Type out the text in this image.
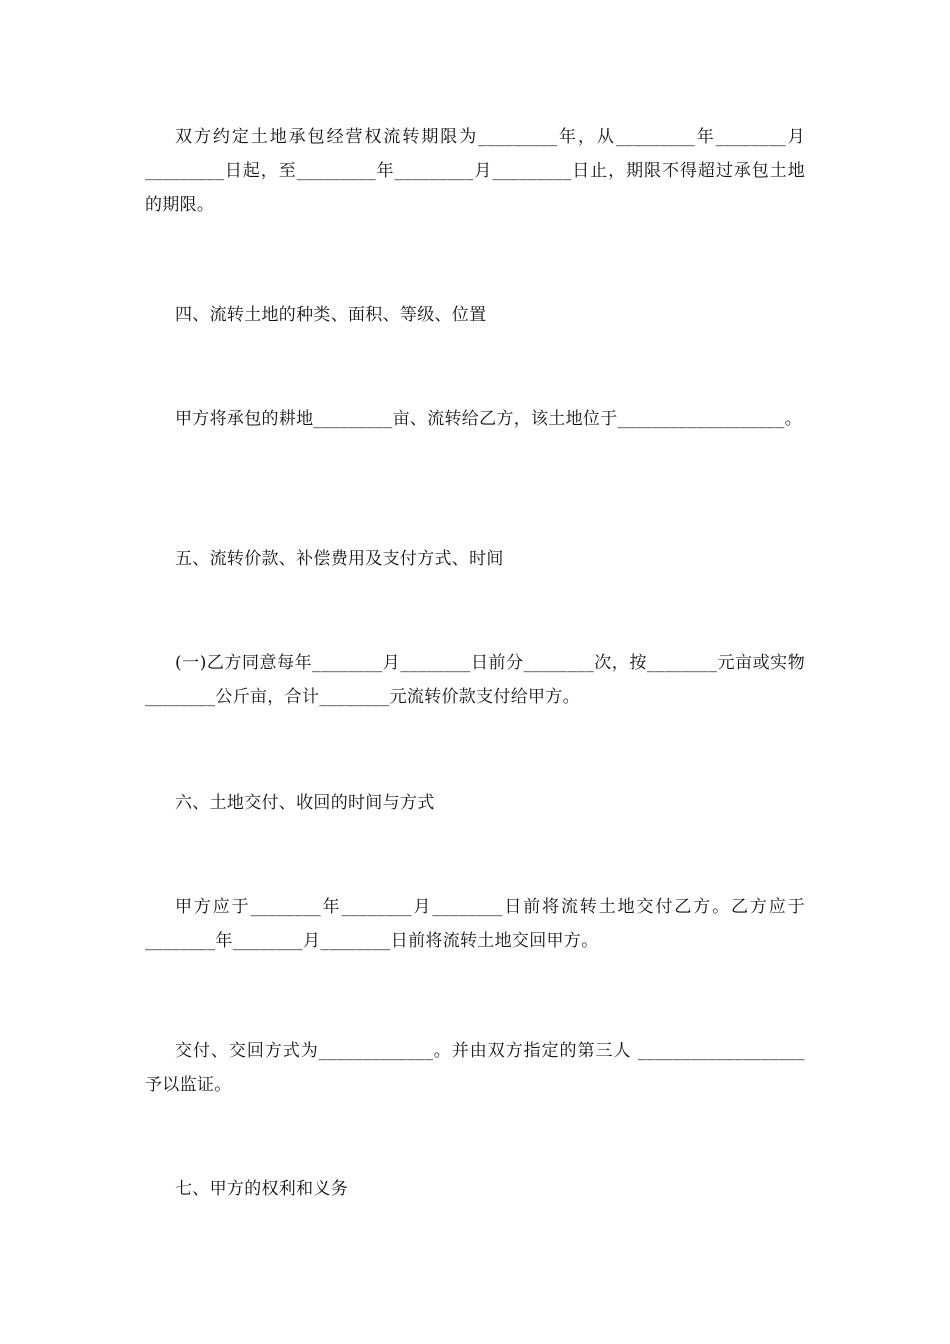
双方约定土地承包经营权流转期限为_________年，从_________年________月_________日起，至_________年_________月_________日止，期限不得超过承包土地的期限。

四、流转土地的种类、面积、等级、位置

甲方将承包的耕地_________亩、流转给乙方，该土地位于___________________。

五、流转价款、补偿费用及支付方式、时间

(一)乙方同意每年________月________日前分________次，按________元亩或实物________公斤亩，合计________元流转价款支付给甲方。

六、土地交付、收回的时间与方式

甲方应于________年________月________日前将流转土地交付乙方。乙方应于________年________月________日前将流转土地交回甲方。

交付、交回方式为_____________。并由双方指定的第三人 ___________________予以监证。

七、甲方的权利和义务
